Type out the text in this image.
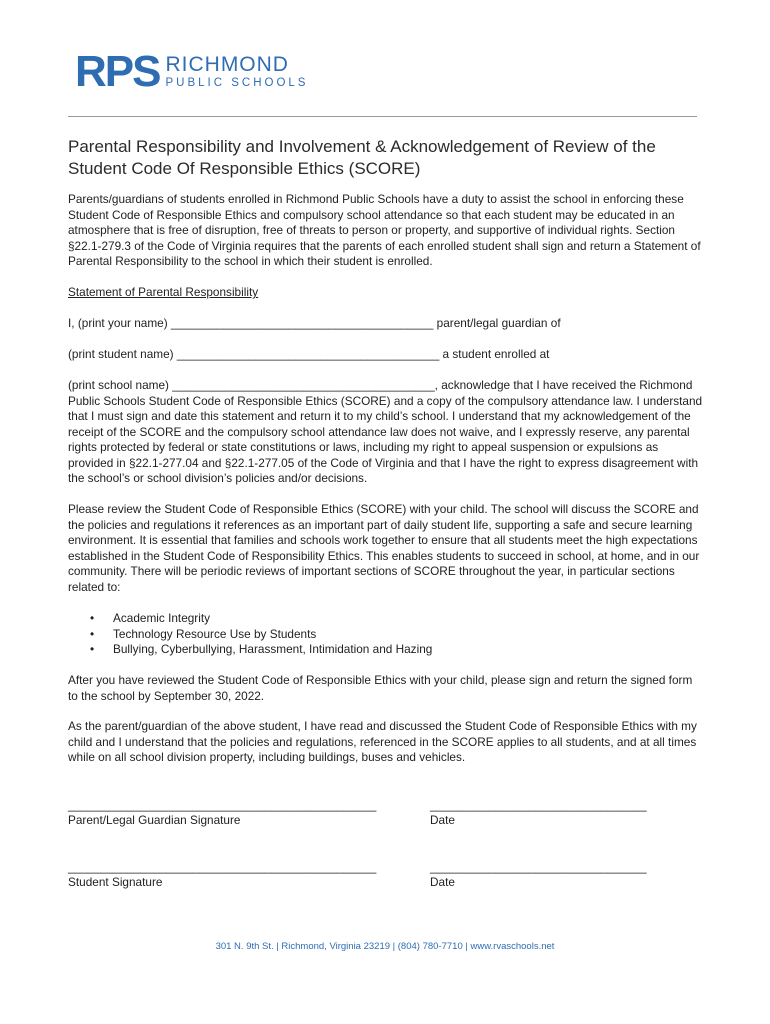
RPS RICHMOND
PUBLIC SCHOOLS
Parental Responsibility and Involvement & Acknowledgement of Review of the
Student Code Of Responsible Ethics (SCORE)

Parents/guardians of students enrolled in Richmond Public Schools have a duty to assist the school in enforcing these Student Code of Responsible Ethics and compulsory school attendance so that each student may be educated in an atmosphere that is free of disruption, free of threats to person or property, and supportive of individual rights. Section §22.1-279.3 of the Code of Virginia requires that the parents of each enrolled student shall sign and return a Statement of Parental Responsibility to the school in which their student is enrolled.

Statement of Parental Responsibility

I, (print your name) ________________________________________ parent/legal guardian of

(print student name) ________________________________________ a student enrolled at

(print school name) ________________________________________, acknowledge that I have received the Richmond Public Schools Student Code of Responsible Ethics (SCORE) and a copy of the compulsory attendance law. I understand that I must sign and date this statement and return it to my child’s school. I understand that my acknowledgement of the receipt of the SCORE and the compulsory school attendance law does not waive, and I expressly reserve, any parental rights protected by federal or state constitutions or laws, including my right to appeal suspension or expulsions as provided in §22.1-277.04 and §22.1-277.05 of the Code of Virginia and that I have the right to express disagreement with the school’s or school division’s policies and/or decisions.

Please review the Student Code of Responsible Ethics (SCORE) with your child. The school will discuss the SCORE and the policies and regulations it references as an important part of daily student life, supporting a safe and secure learning environment. It is essential that families and schools work together to ensure that all students meet the high expectations established in the Student Code of Responsibility Ethics. This enables students to succeed in school, at home, and in our community. There will be periodic reviews of important sections of SCORE throughout the year, in particular sections related to:

•	Academic Integrity
•	Technology Resource Use by Students
•	Bullying, Cyberbullying, Harassment, Intimidation and Hazing

After you have reviewed the Student Code of Responsible Ethics with your child, please sign and return the signed form to the school by September 30, 2022.

As the parent/guardian of the above student, I have read and discussed the Student Code of Responsible Ethics with my child and I understand that the policies and regulations, referenced in the SCORE applies to all students, and at all times while on all school division property, including buildings, buses and vehicles.

_______________________________________________
Parent/Legal Guardian Signature
_________________________________
Date
_______________________________________________
Student Signature
_________________________________
Date
301 N. 9th St. | Richmond, Virginia 23219 | (804) 780-7710 | www.rvaschools.net
